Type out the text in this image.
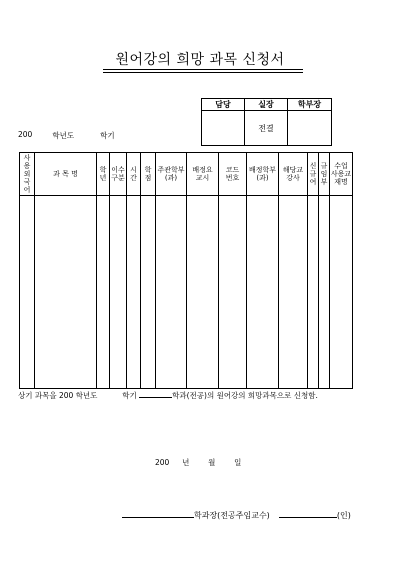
원어강의 희망 과목 신청서
담당	실장	학부장
	전결	
200	학년도	학기
사용외국어	과 목 명	학년	이수구분	시간	학점	주관학부(과)	배정요 교시	코드 번호	배정학부 (과)	해당교 강사	신규여	규임부	수업 사용교 재명

상기 과목을 200 학년도	학기	학과(전공)의 원어강의 희망과목으로 신청함.
200 년	월	일
학과장(전공주임교수)	(인)
